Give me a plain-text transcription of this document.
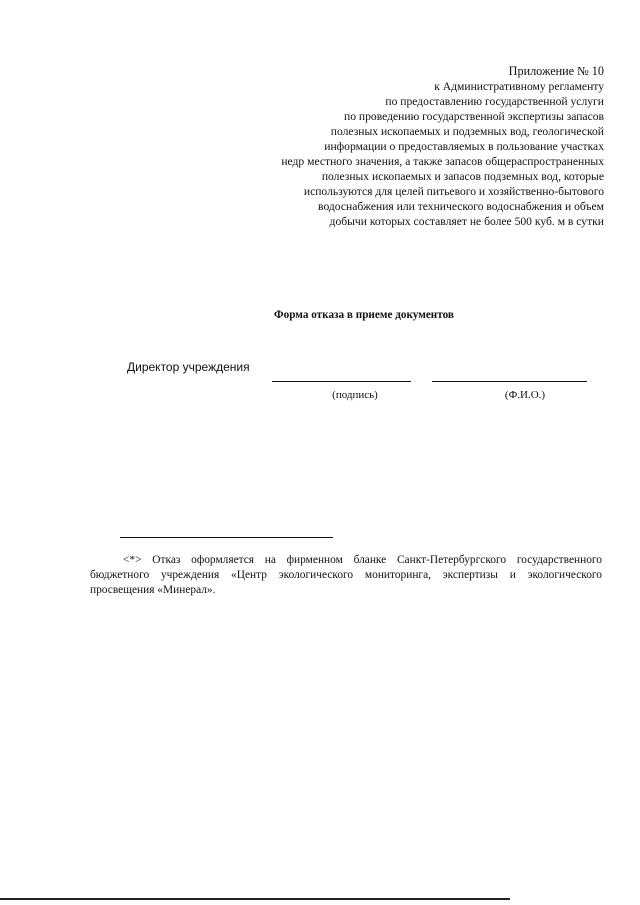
Приложение № 10
к Административному регламенту
по предоставлению государственной услуги
по проведению государственной экспертизы запасов
полезных ископаемых и подземных вод, геологической
информации о предоставляемых в пользование участках
недр местного значения, а также запасов общераспространенных
полезных ископаемых и запасов подземных вод, которые
используются для целей питьевого и хозяйственно-бытового
водоснабжения или технического водоснабжения и объем
добычи которых составляет не более 500 куб. м в сутки
Форма отказа в приеме документов
Директор учреждения
(подпись)	(Ф.И.О.)

<*> Отказ оформляется на фирменном бланке Санкт-Петербургского государственного бюджетного учреждения «Центр экологического мониторинга, экспертизы и экологического просвещения «Минерал».
